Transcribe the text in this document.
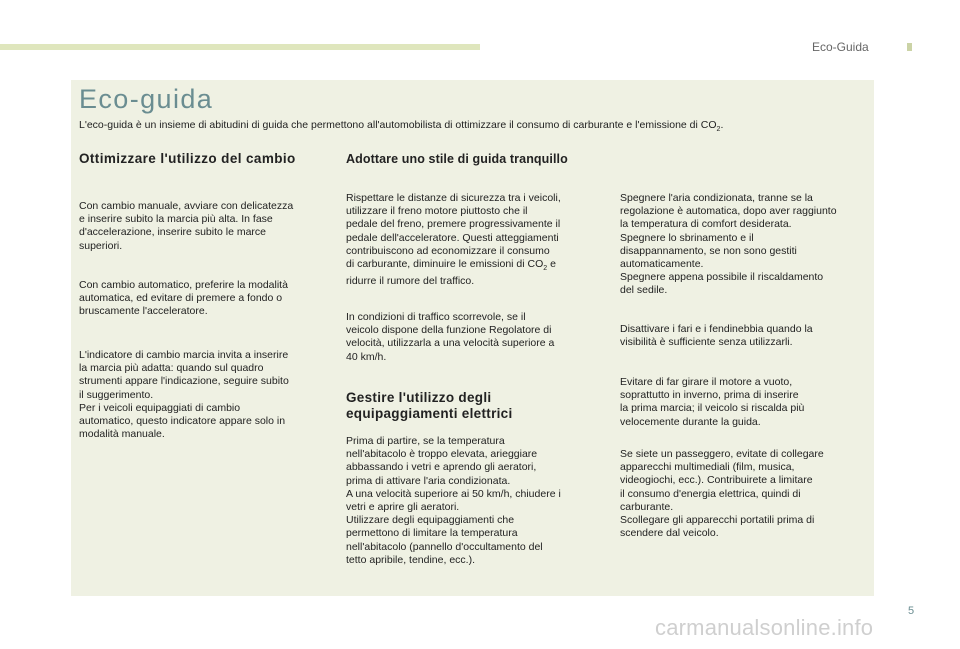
Eco-Guida
Eco-guida
L'eco-guida è un insieme di abitudini di guida che permettono all'automobilista di ottimizzare il consumo di carburante e l'emissione di $CO_2$.
Ottimizzare l'utilizzo del cambio

Con cambio manuale, avviare con delicatezza
e inserire subito la marcia più alta. In fase
d'accelerazione, inserire subito le marce
superiori.

Con cambio automatico, preferire la modalità
automatica, ed evitare di premere a fondo o
bruscamente l'acceleratore.

L'indicatore di cambio marcia invita a inserire
la marcia più adatta: quando sul quadro
strumenti appare l'indicazione, seguire subito
il suggerimento.
Per i veicoli equipaggiati di cambio
automatico, questo indicatore appare solo in
modalità manuale.

Adottare uno stile di guida tranquillo

Rispettare le distanze di sicurezza tra i veicoli,
utilizzare il freno motore piuttosto che il
pedale del freno, premere progressivamente il
pedale dell'acceleratore. Questi atteggiamenti
contribuiscono ad economizzare il consumo
di carburante, diminuire le emissioni di $CO_2$ e
ridurre il rumore del traffico.

In condizioni di traffico scorrevole, se il
veicolo dispone della funzione Regolatore di
velocità, utilizzarla a una velocità superiore a
40 km/h.

Gestire l'utilizzo degli equipaggiamenti elettrici

Prima di partire, se la temperatura
nell'abitacolo è troppo elevata, arieggiare
abbassando i vetri e aprendo gli aeratori,
prima di attivare l'aria condizionata.
A una velocità superiore ai 50 km/h, chiudere i
vetri e aprire gli aeratori.
Utilizzare degli equipaggiamenti che
permettono di limitare la temperatura
nell'abitacolo (pannello d'occultamento del
tetto apribile, tendine, ecc.).

Spegnere l'aria condizionata, tranne se la
regolazione è automatica, dopo aver raggiunto
la temperatura di comfort desiderata.
Spegnere lo sbrinamento e il
disappannamento, se non sono gestiti
automaticamente.
Spegnere appena possibile il riscaldamento
del sedile.

Disattivare i fari e i fendinebbia quando la
visibilità è sufficiente senza utilizzarli.

Evitare di far girare il motore a vuoto,
soprattutto in inverno, prima di inserire
la prima marcia; il veicolo si riscalda più
velocemente durante la guida.

Se siete un passeggero, evitate di collegare
apparecchi multimediali (film, musica,
videogiochi, ecc.). Contribuirete a limitare
il consumo d'energia elettrica, quindi di
carburante.
Scollegare gli apparecchi portatili prima di
scendere dal veicolo.

5
carmanualsonline.info
